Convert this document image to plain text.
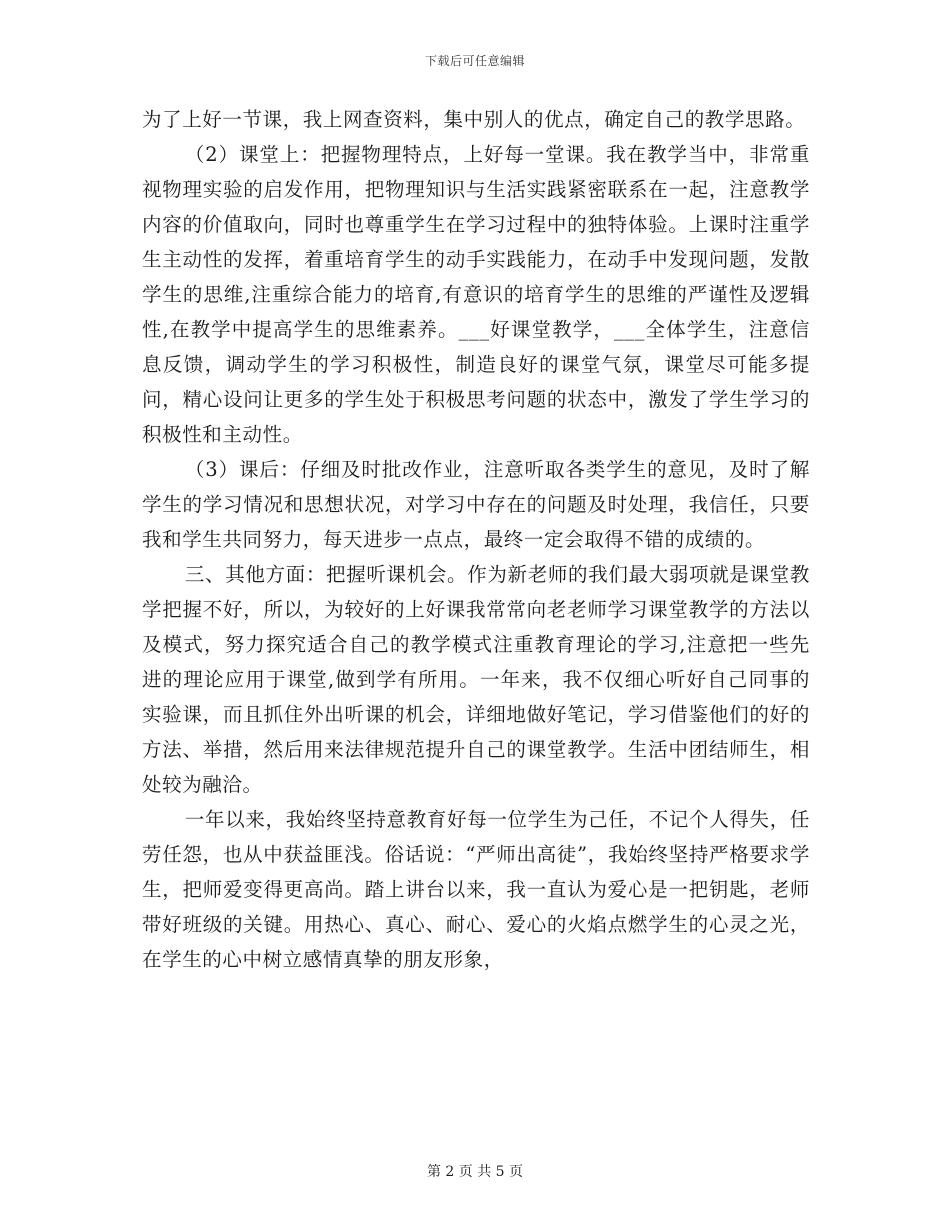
下载后可任意编辑

为了上好一节课，我上网查资料，集中别人的优点，确定自己的教学思路。

（2）课堂上：把握物理特点，上好每一堂课。我在教学当中，非常重视物理实验的启发作用，把物理知识与生活实践紧密联系在一起，注意教学内容的价值取向，同时也尊重学生在学习过程中的独特体验。上课时注重学生主动性的发挥，着重培育学生的动手实践能力，在动手中发现问题，发散学生的思维,注重综合能力的培育,有意识的培育学生的思维的严谨性及逻辑性,在教学中提高学生的思维素养。___好课堂教学，___全体学生，注意信息反馈，调动学生的学习积极性，制造良好的课堂气氛，课堂尽可能多提问，精心设问让更多的学生处于积极思考问题的状态中，激发了学生学习的积极性和主动性。

（3）课后：仔细及时批改作业，注意听取各类学生的意见，及时了解学生的学习情况和思想状况，对学习中存在的问题及时处理，我信任，只要我和学生共同努力，每天进步一点点，最终一定会取得不错的成绩的。

三、其他方面：把握听课机会。作为新老师的我们最大弱项就是课堂教学把握不好，所以，为较好的上好课我常常向老老师学习课堂教学的方法以及模式，努力探究适合自己的教学模式注重教育理论的学习,注意把一些先进的理论应用于课堂,做到学有所用。一年来，我不仅细心听好自己同事的实验课，而且抓住外出听课的机会，详细地做好笔记，学习借鉴他们的好的方法、举措，然后用来法律规范提升自己的课堂教学。生活中团结师生，相处较为融洽。

一年以来，我始终坚持意教育好每一位学生为己任，不记个人得失，任劳任怨，也从中获益匪浅。俗话说：“严师出高徒”，我始终坚持严格要求学生，把师爱变得更高尚。踏上讲台以来，我一直认为爱心是一把钥匙，老师带好班级的关键。用热心、真心、耐心、爱心的火焰点燃学生的心灵之光，在学生的心中树立感情真挚的朋友形象，

第 2 页 共 5 页
